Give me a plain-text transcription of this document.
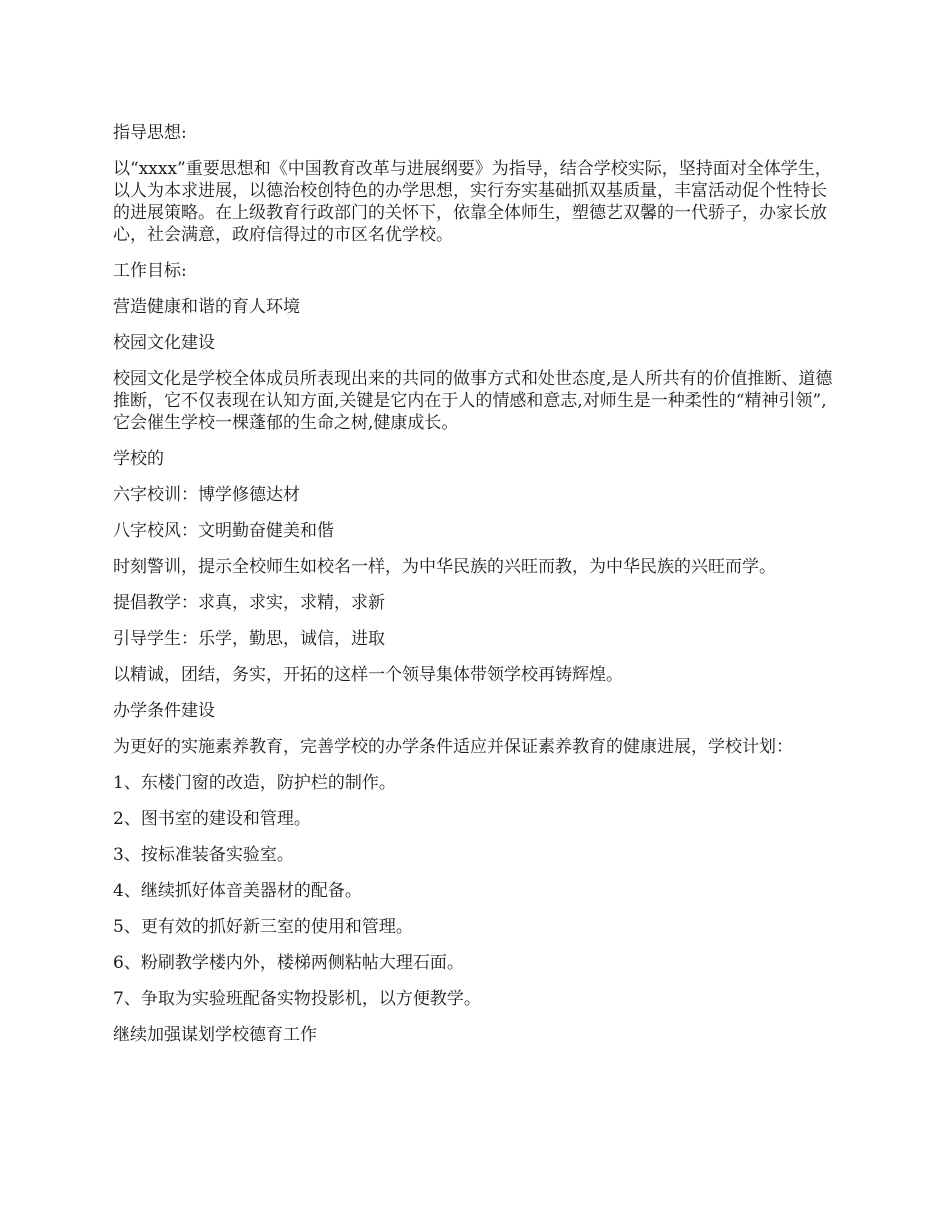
指导思想:

以“xxxx”重要思想和《中国教育改革与进展纲要》为指导，结合学校实际，坚持面对全体学生，以人为本求进展，以德治校创特色的办学思想，实行夯实基础抓双基质量，丰富活动促个性特长的进展策略。在上级教育行政部门的关怀下，依靠全体师生，塑德艺双馨的一代骄子，办家长放心，社会满意，政府信得过的市区名优学校。

工作目标:

营造健康和谐的育人环境

校园文化建设

校园文化是学校全体成员所表现出来的共同的做事方式和处世态度,是人所共有的价值推断、道德推断，它不仅表现在认知方面,关键是它内在于人的情感和意志,对师生是一种柔性的“精神引领”,它会催生学校一棵蓬郁的生命之树,健康成长。

学校的

六字校训：博学修德达材

八字校风：文明勤奋健美和偕

时刻警训，提示全校师生如校名一样，为中华民族的兴旺而教，为中华民族的兴旺而学。

提倡教学：求真，求实，求精，求新

引导学生：乐学，勤思，诚信，进取

以精诚，团结，务实，开拓的这样一个领导集体带领学校再铸辉煌。

办学条件建设

为更好的实施素养教育，完善学校的办学条件适应并保证素养教育的健康进展，学校计划：

1、东楼门窗的改造，防护栏的制作。

2、图书室的建设和管理。

3、按标准装备实验室。

4、继续抓好体音美器材的配备。

5、更有效的抓好新三室的使用和管理。

6、粉刷教学楼内外，楼梯两侧粘帖大理石面。

7、争取为实验班配备实物投影机，以方便教学。

继续加强谋划学校德育工作
